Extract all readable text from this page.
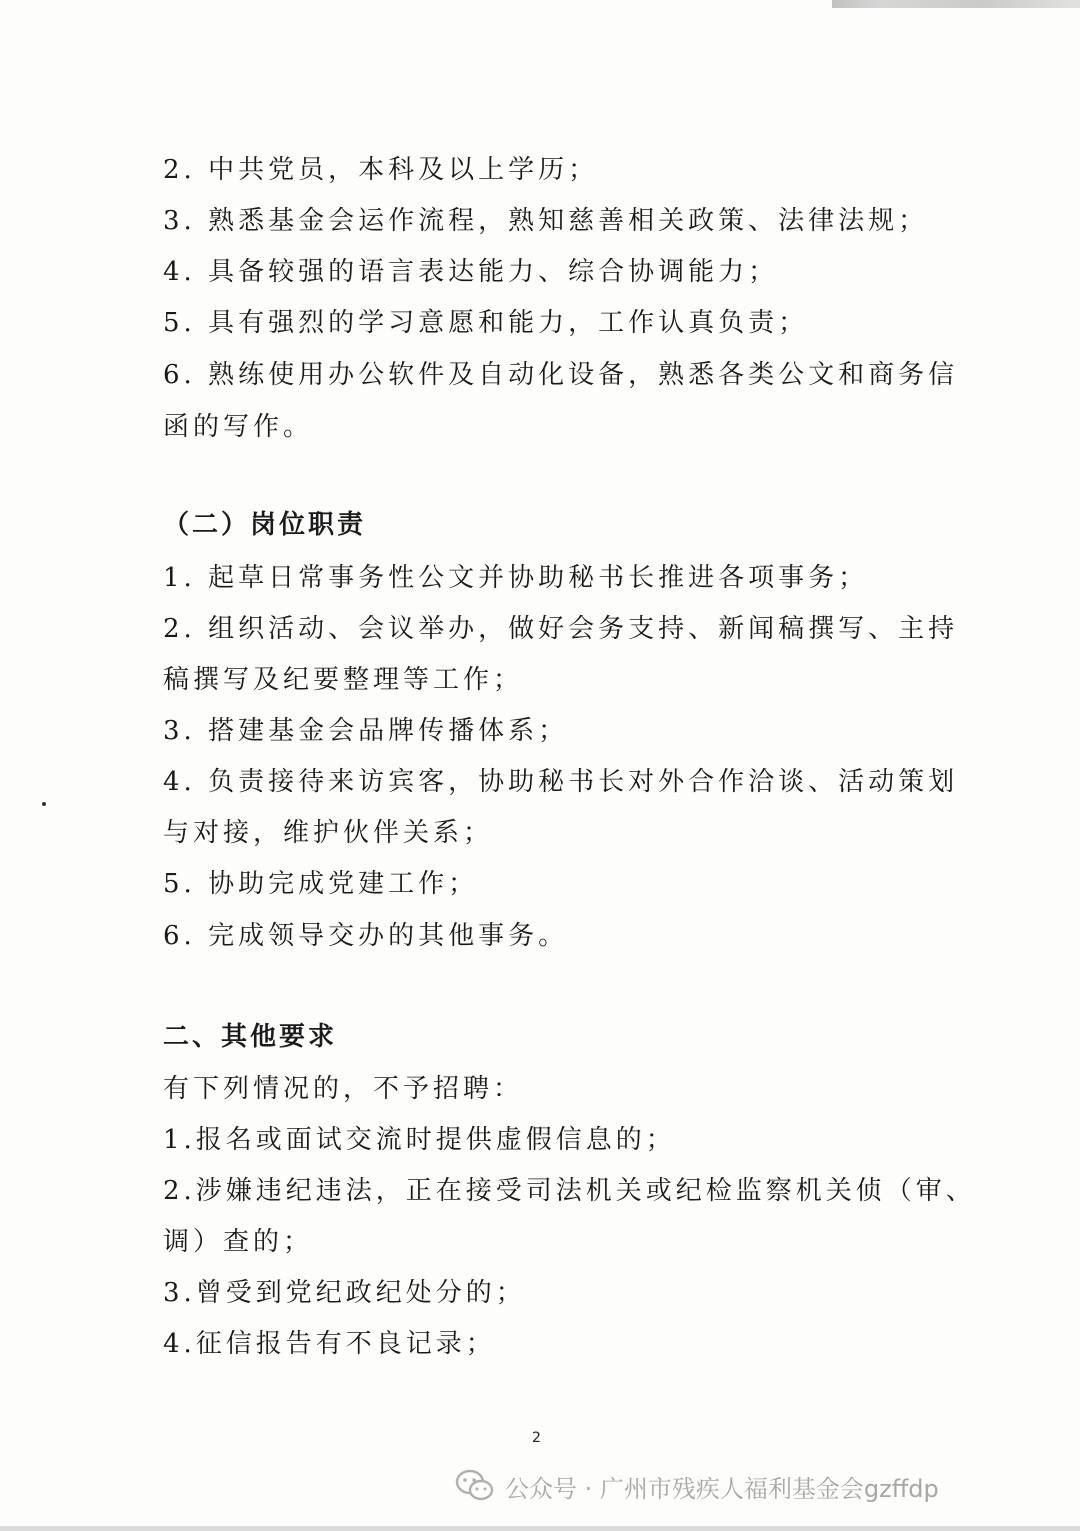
2. 中共党员，本科及以上学历；
3. 熟悉基金会运作流程，熟知慈善相关政策、法律法规；
4. 具备较强的语言表达能力、综合协调能力；
5. 具有强烈的学习意愿和能力，工作认真负责；
6. 熟练使用办公软件及自动化设备，熟悉各类公文和商务信
函的写作。
（二）岗位职责
1. 起草日常事务性公文并协助秘书长推进各项事务；
2. 组织活动、会议举办，做好会务支持、新闻稿撰写、主持
稿撰写及纪要整理等工作；
3. 搭建基金会品牌传播体系；
4. 负责接待来访宾客，协助秘书长对外合作洽谈、活动策划
与对接，维护伙伴关系；
5. 协助完成党建工作；
6. 完成领导交办的其他事务。
二、其他要求
有下列情况的，不予招聘：
1.报名或面试交流时提供虚假信息的；
2.涉嫌违纪违法，正在接受司法机关或纪检监察机关侦（审、
调）查的；
3.曾受到党纪政纪处分的；
4.征信报告有不良记录；
2
公众号 · 广州市残疾人福利基金会gzffdp
